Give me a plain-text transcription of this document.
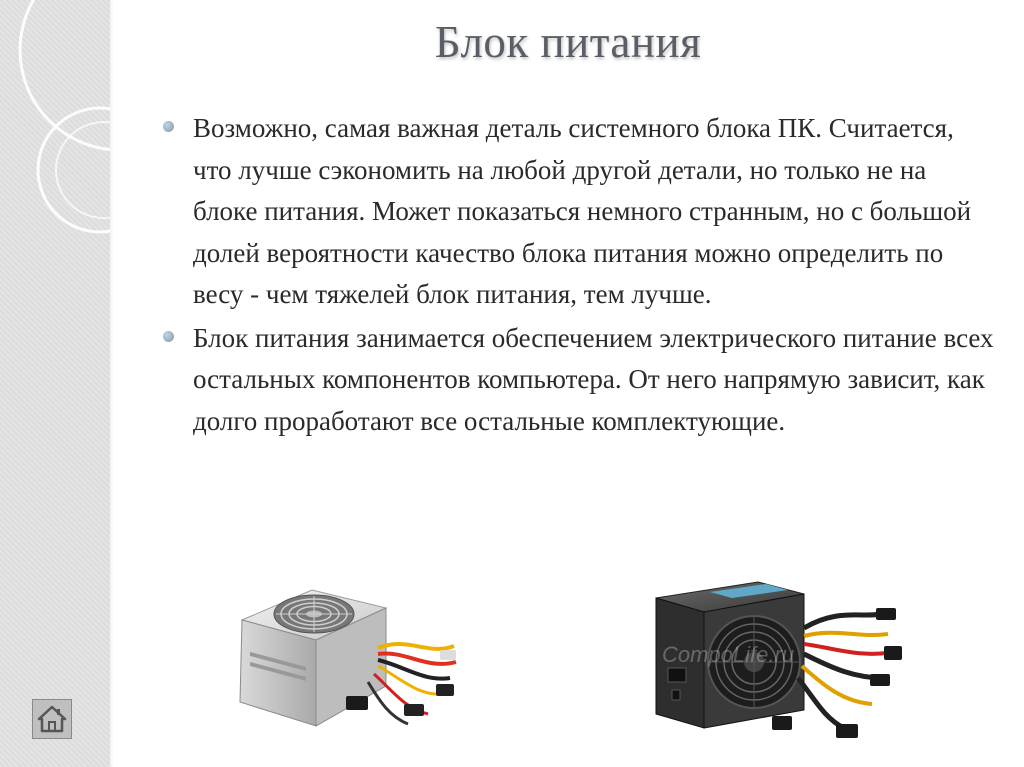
Блок питания
Возможно, самая важная деталь системного блока ПК. Считается, что лучше сэкономить на любой другой детали, но только не на блоке питания. Может показаться немного странным, но с большой долей вероятности качество блока питания можно определить по весу - чем тяжелей блок питания, тем лучше.
Блок питания занимается обеспечением электрического питание всех остальных компонентов компьютера. От него напрямую зависит, как долго проработают все остальные комплектующие.
CompoLife.ru
